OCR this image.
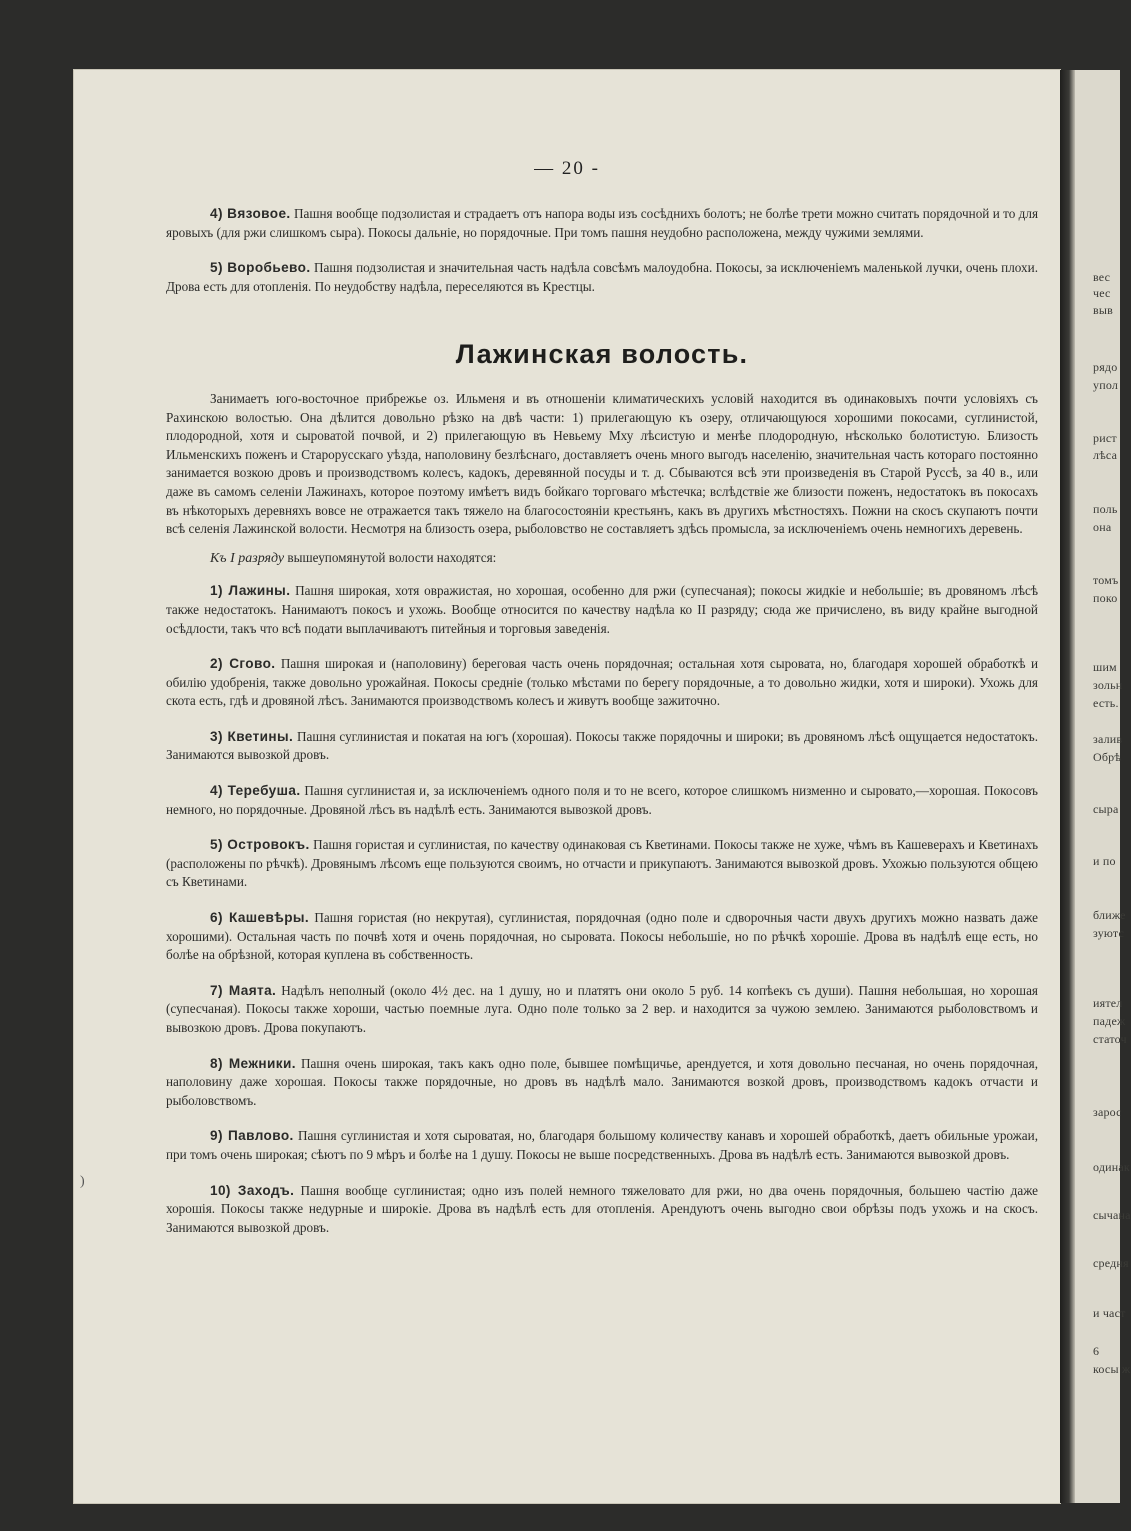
— 20 -

4) Вязовое. Пашня вообще подзолистая и страдаетъ отъ напора воды изъ сосѣднихъ болотъ; не болѣе трети можно считать порядочной и то для яровыхъ (для ржи слишкомъ сыра). Покосы дальніе, но порядочные. При томъ пашня неудобно расположена, между чужими землями.

5) Воробьево. Пашня подзолистая и значительная часть надѣла совсѣмъ малоудобна. Покосы, за исключеніемъ маленькой лучки, очень плохи. Дрова есть для отопленія. По неудобству надѣла, переселяются въ Крестцы.

Лажинская волость.

Занимаетъ юго-восточное прибрежье оз. Ильменя и въ отношеніи климатическихъ условій находится въ одинаковыхъ почти условіяхъ съ Рахинскою волостью. Она дѣлится довольно рѣзко на двѣ части: 1) прилегающую къ озеру, отличающуюся хорошими покосами, суглинистой, плодородной, хотя и сыроватой почвой, и 2) прилегающую въ Невьему Мху лѣсистую и менѣе плодородную, нѣсколько болотистую. Близость Ильменскихъ поженъ и Старорусскаго уѣзда, наполовину безлѣснаго, доставляетъ очень много выгодъ населенію, значительная часть котораго постоянно занимается возкою дровъ и производствомъ колесъ, кадокъ, деревянной посуды и т. д. Сбываются всѣ эти произведенія въ Старой Руссѣ, за 40 в., или даже въ самомъ селеніи Лажинахъ, которое поэтому имѣетъ видъ бойкаго торговаго мѣстечка; вслѣдствіе же близости поженъ, недостатокъ въ покосахъ въ нѣкоторыхъ деревняхъ вовсе не отражается такъ тяжело на благосостояніи крестьянъ, какъ въ другихъ мѣстностяхъ. Пожни на скосъ скупаютъ почти всѣ селенія Лажинской волости. Несмотря на близость озера, рыболовство не составляетъ здѣсь промысла, за исключеніемъ очень немногихъ деревень.

Къ I разряду вышеупомянутой волости находятся:

1) Лажины. Пашня широкая, хотя овражистая, но хорошая, особенно для ржи (супесчаная); покосы жидкіе и небольшіе; въ дровяномъ лѣсѣ также недостатокъ. Нанимаютъ покосъ и ухожь. Вообще относится по качеству надѣла ко II разряду; сюда же причислено, въ виду крайне выгодной осѣдлости, такъ что всѣ подати выплачиваютъ питейныя и торговыя заведенія.

2) Сгово. Пашня широкая и (наполовину) береговая часть очень порядочная; остальная хотя сыровата, но, благодаря хорошей обработкѣ и обилію удобренія, также довольно урожайная. Покосы средніе (только мѣстами по берегу порядочные, а то довольно жидки, хотя и широки). Ухожь для скота есть, гдѣ и дровяной лѣсъ. Занимаются производствомъ колесъ и живутъ вообще зажиточно.

3) Кветины. Пашня суглинистая и покатая на югъ (хорошая). Покосы также порядочны и широки; въ дровяномъ лѣсѣ ощущается недостатокъ. Занимаются вывозкой дровъ.

4) Теребуша. Пашня суглинистая и, за исключеніемъ одного поля и то не всего, которое слишкомъ низменно и сыровато,—хорошая. Покосовъ немного, но порядочные. Дровяной лѣсъ въ надѣлѣ есть. Занимаются вывозкой дровъ.

5) Островокъ. Пашня гористая и суглинистая, по качеству одинаковая съ Кветинами. Покосы также не хуже, чѣмъ въ Кашеверахъ и Кветинахъ (расположены по рѣчкѣ). Дровянымъ лѣсомъ еще пользуются своимъ, но отчасти и прикупаютъ. Занимаются вывозкой дровъ. Ухожью пользуются общею съ Кветинами.

6) Кашевѣры. Пашня гористая (но некрутая), суглинистая, порядочная (одно поле и сдворочныя части двухъ другихъ можно назвать даже хорошими). Остальная часть по почвѣ хотя и очень порядочная, но сыровата. Покосы небольшіе, но по рѣчкѣ хорошіе. Дрова въ надѣлѣ еще есть, но болѣе на обрѣзной, которая куплена въ собственность.

7) Маята. Надѣлъ неполный (около 4½ дес. на 1 душу, но и платятъ они около 5 руб. 14 копѣекъ съ души). Пашня небольшая, но хорошая (супесчаная). Покосы также хороши, частью поемные луга. Одно поле только за 2 вер. и находится за чужою землею. Занимаются рыболовствомъ и вывозкою дровъ. Дрова покупаютъ.

8) Межники. Пашня очень широкая, такъ какъ одно поле, бывшее помѣщичье, арендуется, и хотя довольно песчаная, но очень порядочная, наполовину даже хорошая. Покосы также порядочные, но дровъ въ надѣлѣ мало. Занимаются возкой дровъ, производствомъ кадокъ отчасти и рыболовствомъ.

9) Павлово. Пашня суглинистая и хотя сыроватая, но, благодаря большому количеству канавъ и хорошей обработкѣ, даетъ обильные урожаи, при томъ очень широкая; сѣютъ по 9 мѣръ и болѣе на 1 душу. Покосы не выше посредственныхъ. Дрова въ надѣлѣ есть. Занимаются вывозкой дровъ.

10) Заходъ. Пашня вообще суглинистая; одно изъ полей немного тяжеловато для ржи, но два очень порядочныя, большею частію даже хорошія. Покосы также недурные и широкіе. Дрова въ надѣлѣ есть для отопленія. Арендуютъ очень выгодно свои обрѣзы подъ ухожь и на скосъ. Занимаются вывозкой дровъ.

)
вес
чес
выв
рядо
упол
рист
лѣса
поль
она
томъ
поко
шим
зольн
есть.
залив
Обрѣ
сыра
и по
ближе
зуютс
иятел
падеж
статоч
зарос
одинак
сычана
средня
и част
6
косы ж
